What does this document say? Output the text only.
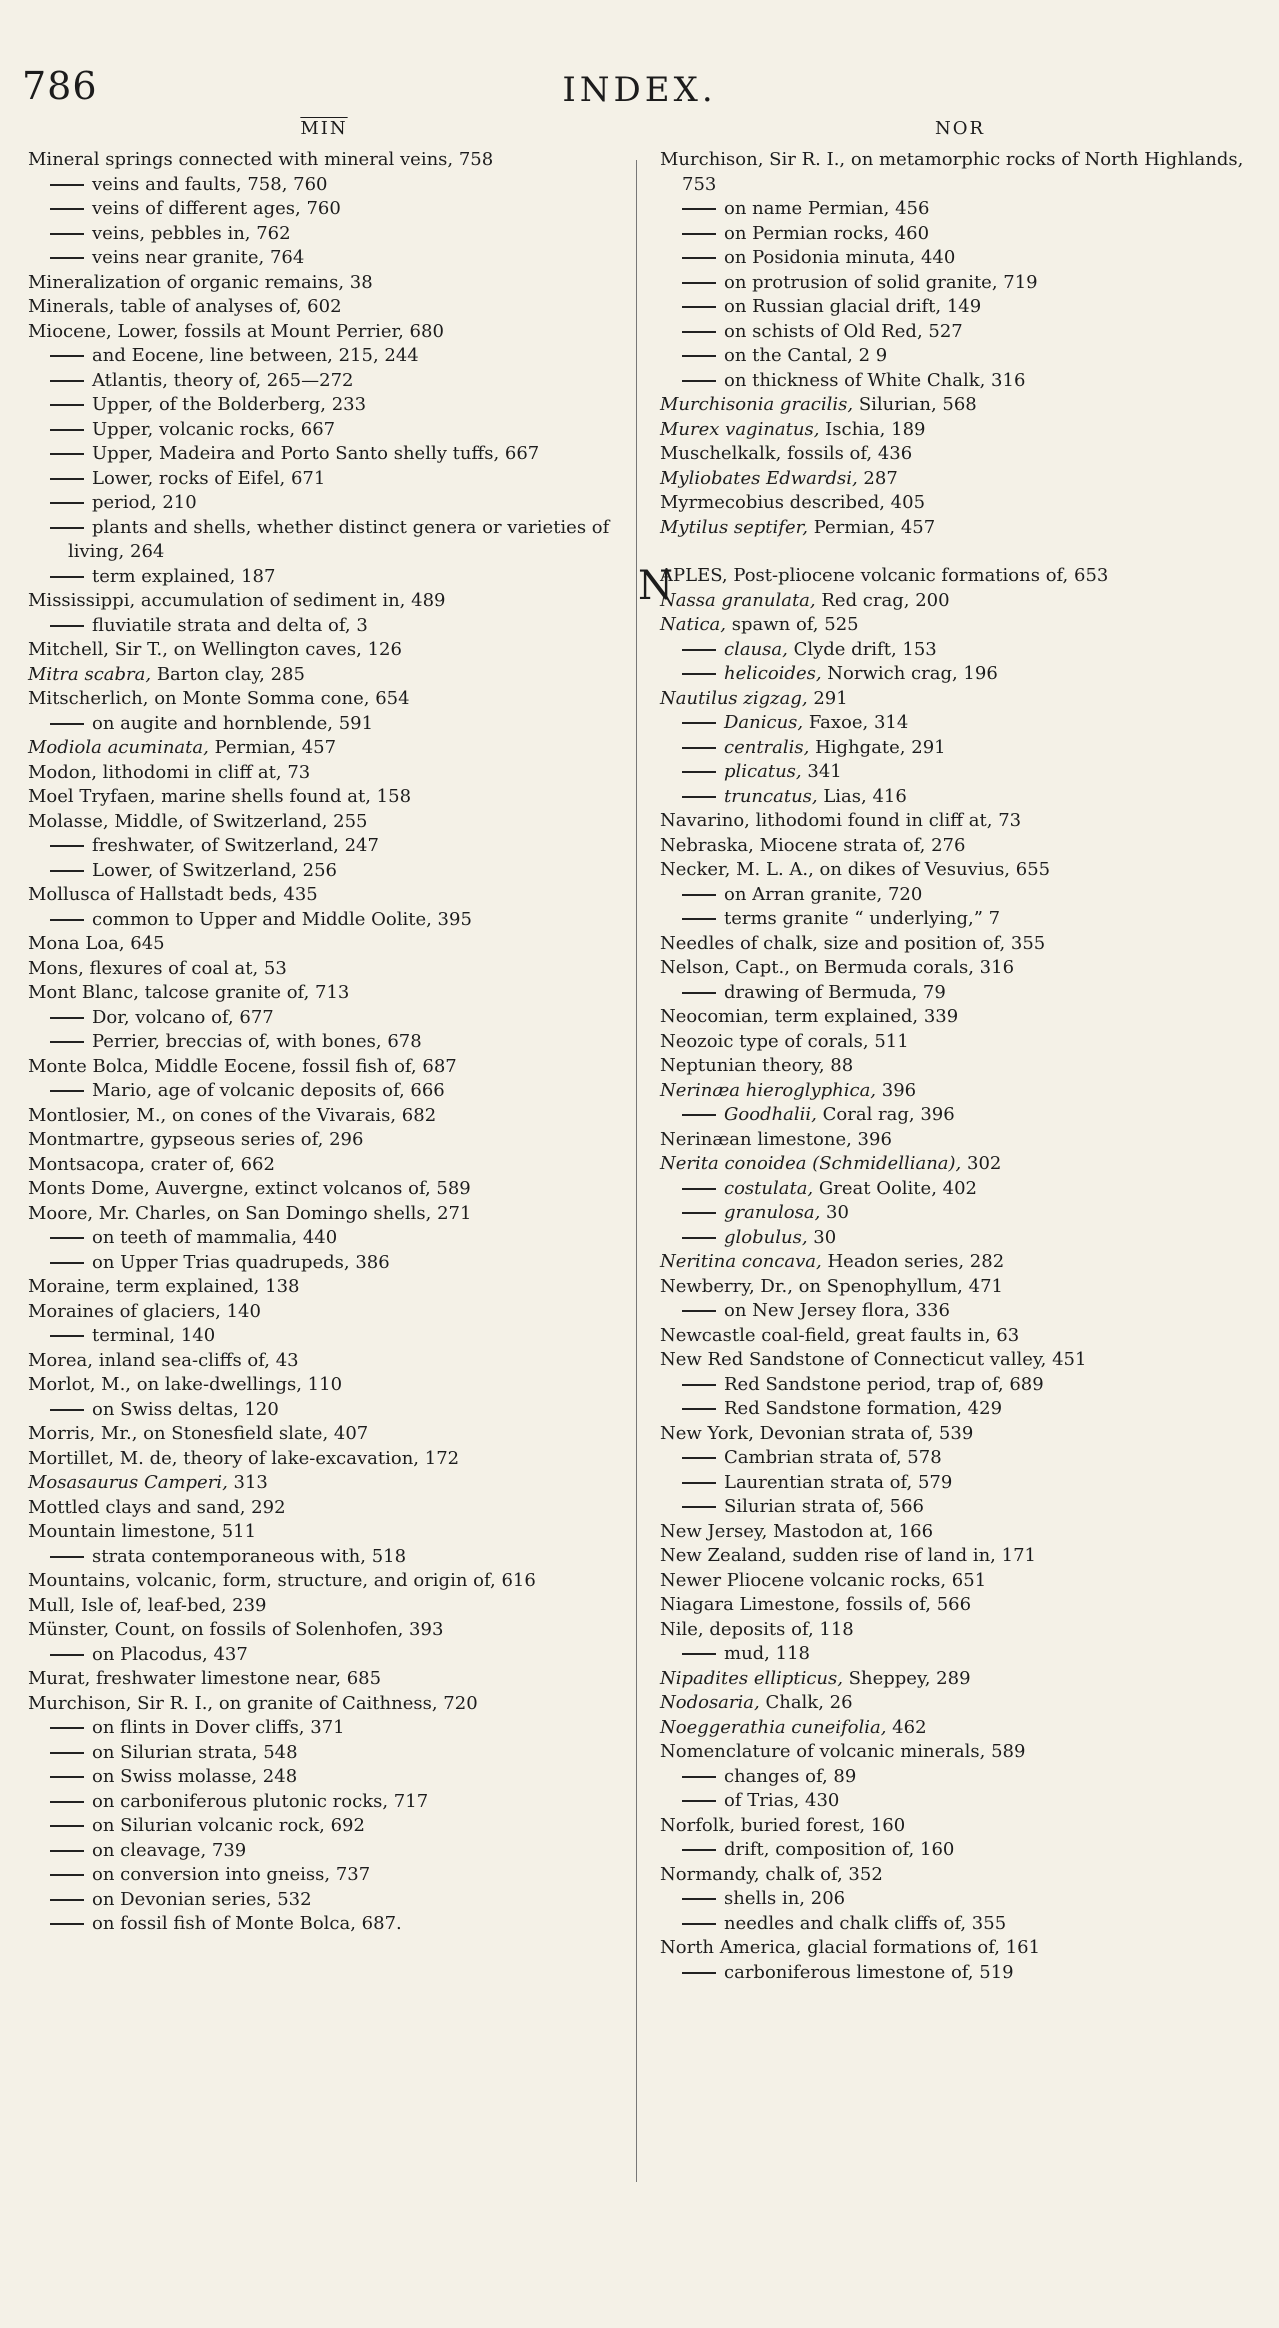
786	INDEX.
$\overline{MIN}$
Mineral springs connected with mineral veins, 758
veins and faults, 758, 760
veins of different ages, 760
veins, pebbles in, 762
veins near granite, 764
Mineralization of organic remains, 38
Minerals, table of analyses of, 602
Miocene, Lower, fossils at Mount Perrier, 680
and Eocene, line between, 215, 244
Atlantis, theory of, 265—272
Upper, of the Bolderberg, 233
Upper, volcanic rocks, 667
Upper, Madeira and Porto Santo shelly tuffs, 667
Lower, rocks of Eifel, 671
period, 210
plants and shells, whether distinct genera or varieties of living, 264
term explained, 187
Mississippi, accumulation of sediment in, 489
fluviatile strata and delta of, 3
Mitchell, Sir T., on Wellington caves, 126
Mitra scabra, Barton clay, 285
Mitscherlich, on Monte Somma cone, 654
on augite and hornblende, 591
Modiola acuminata, Permian, 457
Modon, lithodomi in cliff at, 73
Moel Tryfaen, marine shells found at, 158
Molasse, Middle, of Switzerland, 255
freshwater, of Switzerland, 247
Lower, of Switzerland, 256
Mollusca of Hallstadt beds, 435
common to Upper and Middle Oolite, 395
Mona Loa, 645
Mons, flexures of coal at, 53
Mont Blanc, talcose granite of, 713
Dor, volcano of, 677
Perrier, breccias of, with bones, 678
Monte Bolca, Middle Eocene, fossil fish of, 687
Mario, age of volcanic deposits of, 666
Montlosier, M., on cones of the Vivarais, 682
Montmartre, gypseous series of, 296
Montsacopa, crater of, 662
Monts Dome, Auvergne, extinct volcanos of, 589
Moore, Mr. Charles, on San Domingo shells, 271
on teeth of mammalia, 440
on Upper Trias quadrupeds, 386
Moraine, term explained, 138
Moraines of glaciers, 140
terminal, 140
Morea, inland sea-cliffs of, 43
Morlot, M., on lake-dwellings, 110
on Swiss deltas, 120
Morris, Mr., on Stonesfield slate, 407
Mortillet, M. de, theory of lake-excavation, 172
Mosasaurus Camperi, 313
Mottled clays and sand, 292
Mountain limestone, 511
strata contemporaneous with, 518
Mountains, volcanic, form, structure, and origin of, 616
Mull, Isle of, leaf-bed, 239
Münster, Count, on fossils of Solenhofen, 393
on Placodus, 437
Murat, freshwater limestone near, 685
Murchison, Sir R. I., on granite of Caithness, 720
on flints in Dover cliffs, 371
on Silurian strata, 548
on Swiss molasse, 248
on carboniferous plutonic rocks, 717
on Silurian volcanic rock, 692
on cleavage, 739
on conversion into gneiss, 737
on Devonian series, 532
on fossil fish of Monte Bolca, 687.
NOR
Murchison, Sir R. I., on metamorphic rocks of North Highlands, 753
on name Permian, 456
on Permian rocks, 460
on Posidonia minuta, 440
on protrusion of solid granite, 719
on Russian glacial drift, 149
on schists of Old Red, 527
on the Cantal, 2 9
on thickness of White Chalk, 316
Murchisonia gracilis, Silurian, 568
Murex vaginatus, Ischia, 189
Muschelkalk, fossils of, 436
Myliobates Edwardsi, 287
Myrmecobius described, 405
Mytilus septifer, Permian, 457
N
APLES, Post-pliocene volcanic formations of, 653
Nassa granulata, Red crag, 200
Natica, spawn of, 525
clausa, Clyde drift, 153
helicoides, Norwich crag, 196
Nautilus zigzag, 291
Danicus, Faxoe, 314
centralis, Highgate, 291
plicatus, 341
truncatus, Lias, 416
Navarino, lithodomi found in cliff at, 73
Nebraska, Miocene strata of, 276
Necker, M. L. A., on dikes of Vesuvius, 655
on Arran granite, 720
terms granite “ underlying,” 7
Needles of chalk, size and position of, 355
Nelson, Capt., on Bermuda corals, 316
drawing of Bermuda, 79
Neocomian, term explained, 339
Neozoic type of corals, 511
Neptunian theory, 88
Nerinæa hieroglyphica, 396
Goodhalii, Coral rag, 396
Nerinæan limestone, 396
Nerita conoidea (Schmidelliana), 302
costulata, Great Oolite, 402
granulosa, 30
globulus, 30
Neritina concava, Headon series, 282
Newberry, Dr., on Spenophyllum, 471
on New Jersey flora, 336
Newcastle coal-field, great faults in, 63
New Red Sandstone of Connecticut valley, 451
Red Sandstone period, trap of, 689
Red Sandstone formation, 429
New York, Devonian strata of, 539
Cambrian strata of, 578
Laurentian strata of, 579
Silurian strata of, 566
New Jersey, Mastodon at, 166
New Zealand, sudden rise of land in, 171
Newer Pliocene volcanic rocks, 651
Niagara Limestone, fossils of, 566
Nile, deposits of, 118
mud, 118
Nipadites ellipticus, Sheppey, 289
Nodosaria, Chalk, 26
Noeggerathia cuneifolia, 462
Nomenclature of volcanic minerals, 589
changes of, 89
of Trias, 430
Norfolk, buried forest, 160
drift, composition of, 160
Normandy, chalk of, 352
shells in, 206
needles and chalk cliffs of, 355
North America, glacial formations of, 161
carboniferous limestone of, 519
